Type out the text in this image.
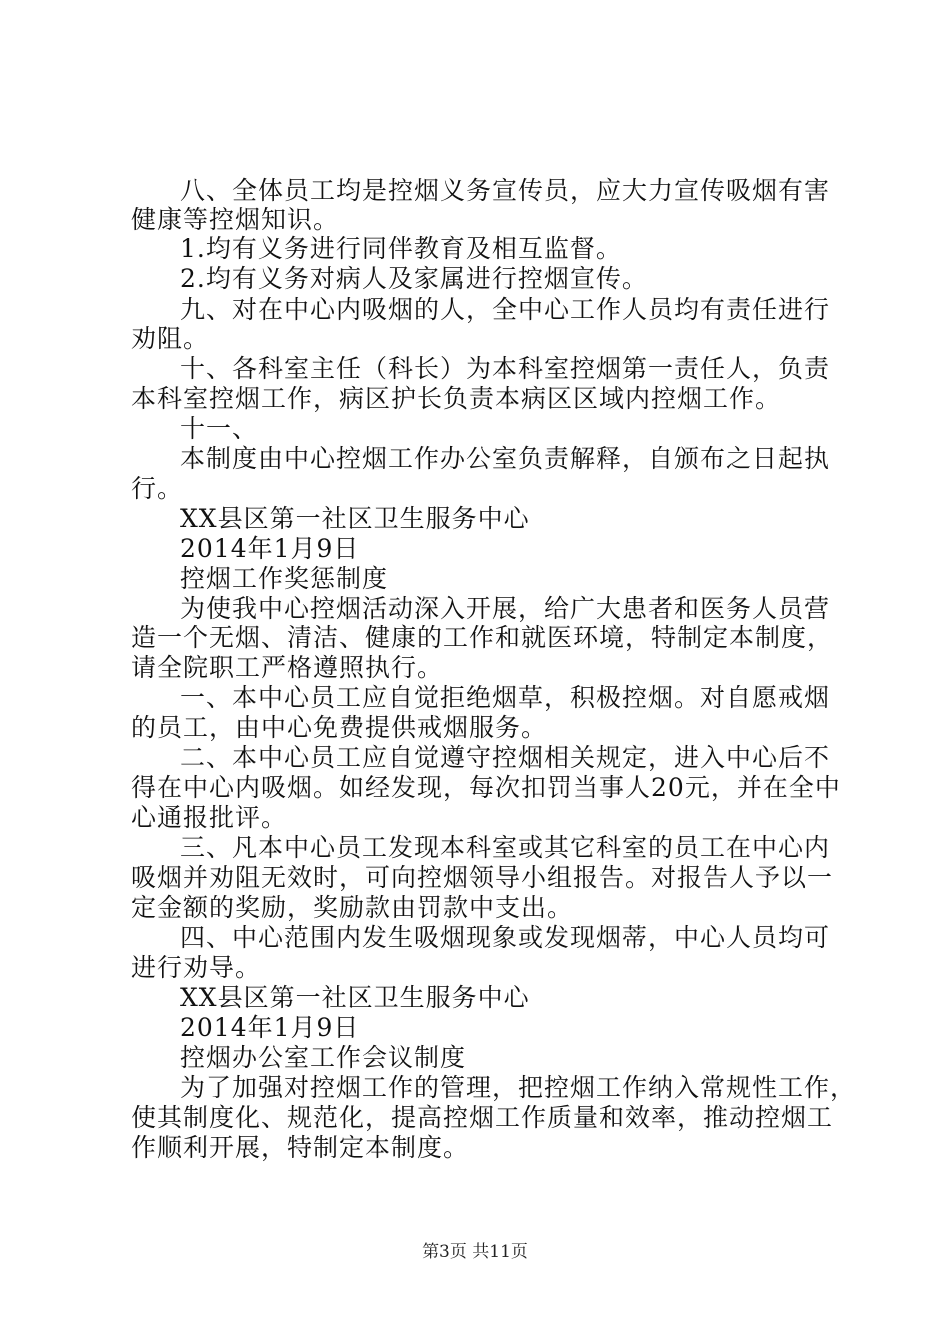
八、全体员工均是控烟义务宣传员，应大力宣传吸烟有害
健康等控烟知识。
1.均有义务进行同伴教育及相互监督。
2.均有义务对病人及家属进行控烟宣传。
九、对在中心内吸烟的人，全中心工作人员均有责任进行
劝阻。
十、各科室主任（科长）为本科室控烟第一责任人，负责
本科室控烟工作，病区护长负责本病区区域内控烟工作。
十一、
本制度由中心控烟工作办公室负责解释，自颁布之日起执
行。
XX县区第一社区卫生服务中心
2014年1月9日
控烟工作奖惩制度
为使我中心控烟活动深入开展，给广大患者和医务人员营
造一个无烟、清洁、健康的工作和就医环境，特制定本制度，
请全院职工严格遵照执行。
一、本中心员工应自觉拒绝烟草，积极控烟。对自愿戒烟
的员工，由中心免费提供戒烟服务。
二、本中心员工应自觉遵守控烟相关规定，进入中心后不
得在中心内吸烟。如经发现，每次扣罚当事人20元，并在全中
心通报批评。
三、凡本中心员工发现本科室或其它科室的员工在中心内
吸烟并劝阻无效时，可向控烟领导小组报告。对报告人予以一
定金额的奖励，奖励款由罚款中支出。
四、中心范围内发生吸烟现象或发现烟蒂，中心人员均可
进行劝导。
XX县区第一社区卫生服务中心
2014年1月9日
控烟办公室工作会议制度
为了加强对控烟工作的管理，把控烟工作纳入常规性工作，
使其制度化、规范化，提高控烟工作质量和效率，推动控烟工
作顺利开展，特制定本制度。
第3页 共11页
